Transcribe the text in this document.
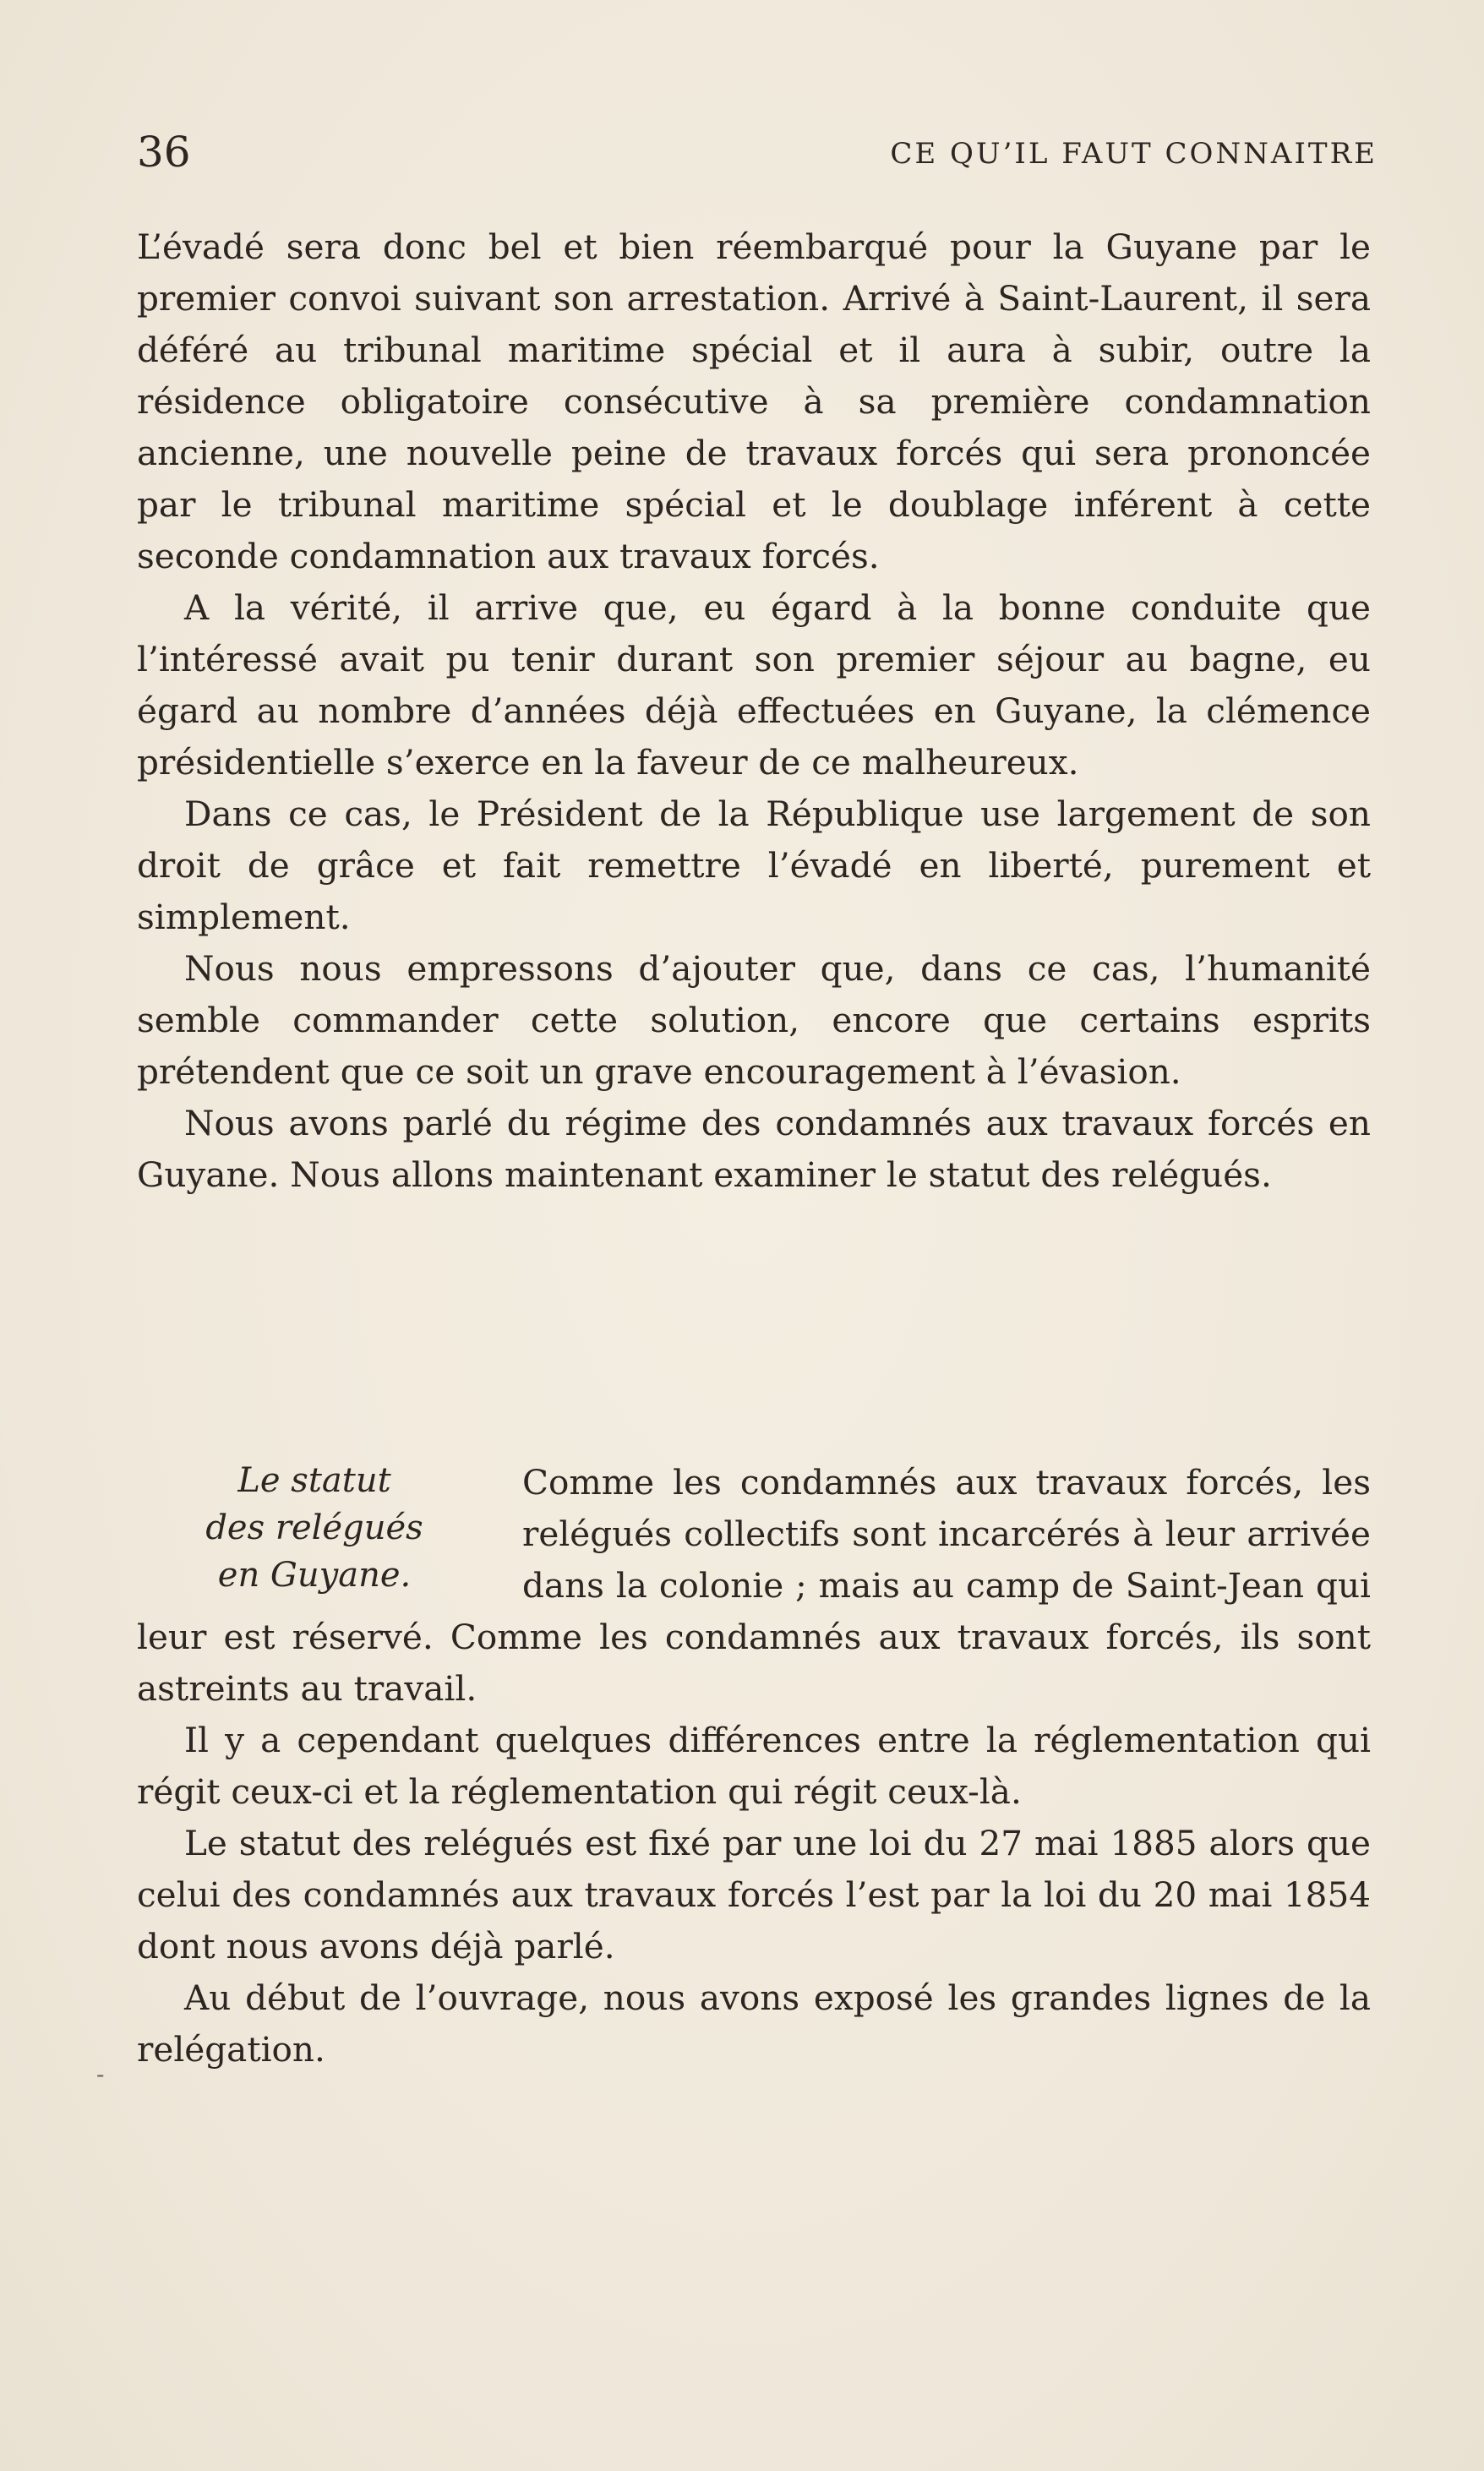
36	CE QU’IL FAUT CONNAITRE

L’évadé sera donc bel et bien réembarqué pour la Guyane par le premier convoi suivant son arrestation. Arrivé à Saint-Laurent, il sera déféré au tribunal maritime spécial et il aura à subir, outre la résidence obligatoire consécutive à sa première condamnation ancienne, une nouvelle peine de travaux forcés qui sera prononcée par le tribunal maritime spécial et le doublage inférent à cette seconde condamnation aux travaux forcés.

A la vérité, il arrive que, eu égard à la bonne conduite que l’intéressé avait pu tenir durant son premier séjour au bagne, eu égard au nombre d’années déjà effectuées en Guyane, la clémence présidentielle s’exerce en la faveur de ce malheureux.

Dans ce cas, le Président de la République use largement de son droit de grâce et fait remettre l’évadé en liberté, purement et simplement.

Nous nous empressons d’ajouter que, dans ce cas, l’humanité semble commander cette solution, encore que certains esprits prétendent que ce soit un grave encouragement à l’évasion.

Nous avons parlé du régime des condamnés aux travaux forcés en Guyane. Nous allons maintenant examiner le statut des relégués.

Le statut
des relégués
en Guyane.

Comme les condamnés aux travaux forcés, les relégués collectifs sont incarcérés à leur arrivée dans la colonie ; mais au camp de Saint-Jean qui leur est réservé. Comme les condamnés aux travaux forcés, ils sont astreints au travail.

Il y a cependant quelques différences entre la réglementation qui régit ceux-ci et la réglementation qui régit ceux-là.

Le statut des relégués est fixé par une loi du 27 mai 1885 alors que celui des condamnés aux travaux forcés l’est par la loi du 20 mai 1854 dont nous avons déjà parlé.

Au début de l’ouvrage, nous avons exposé les grandes lignes de la relégation.

-
